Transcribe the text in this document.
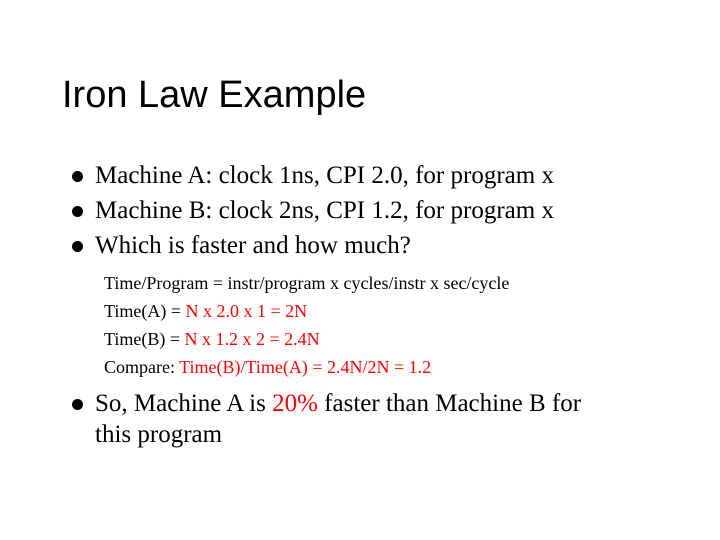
Iron Law Example
Machine A: clock 1ns, CPI 2.0, for program x
Machine B: clock 2ns, CPI 1.2, for program x
Which is faster and how much?
Time/Program = instr/program x cycles/instr x sec/cycle
Time(A) = N x 2.0 x 1 = 2N
Time(B) = N x 1.2 x 2 = 2.4N
Compare: Time(B)/Time(A) = 2.4N/2N = 1.2
So, Machine A is 20% faster than Machine B for
this program
